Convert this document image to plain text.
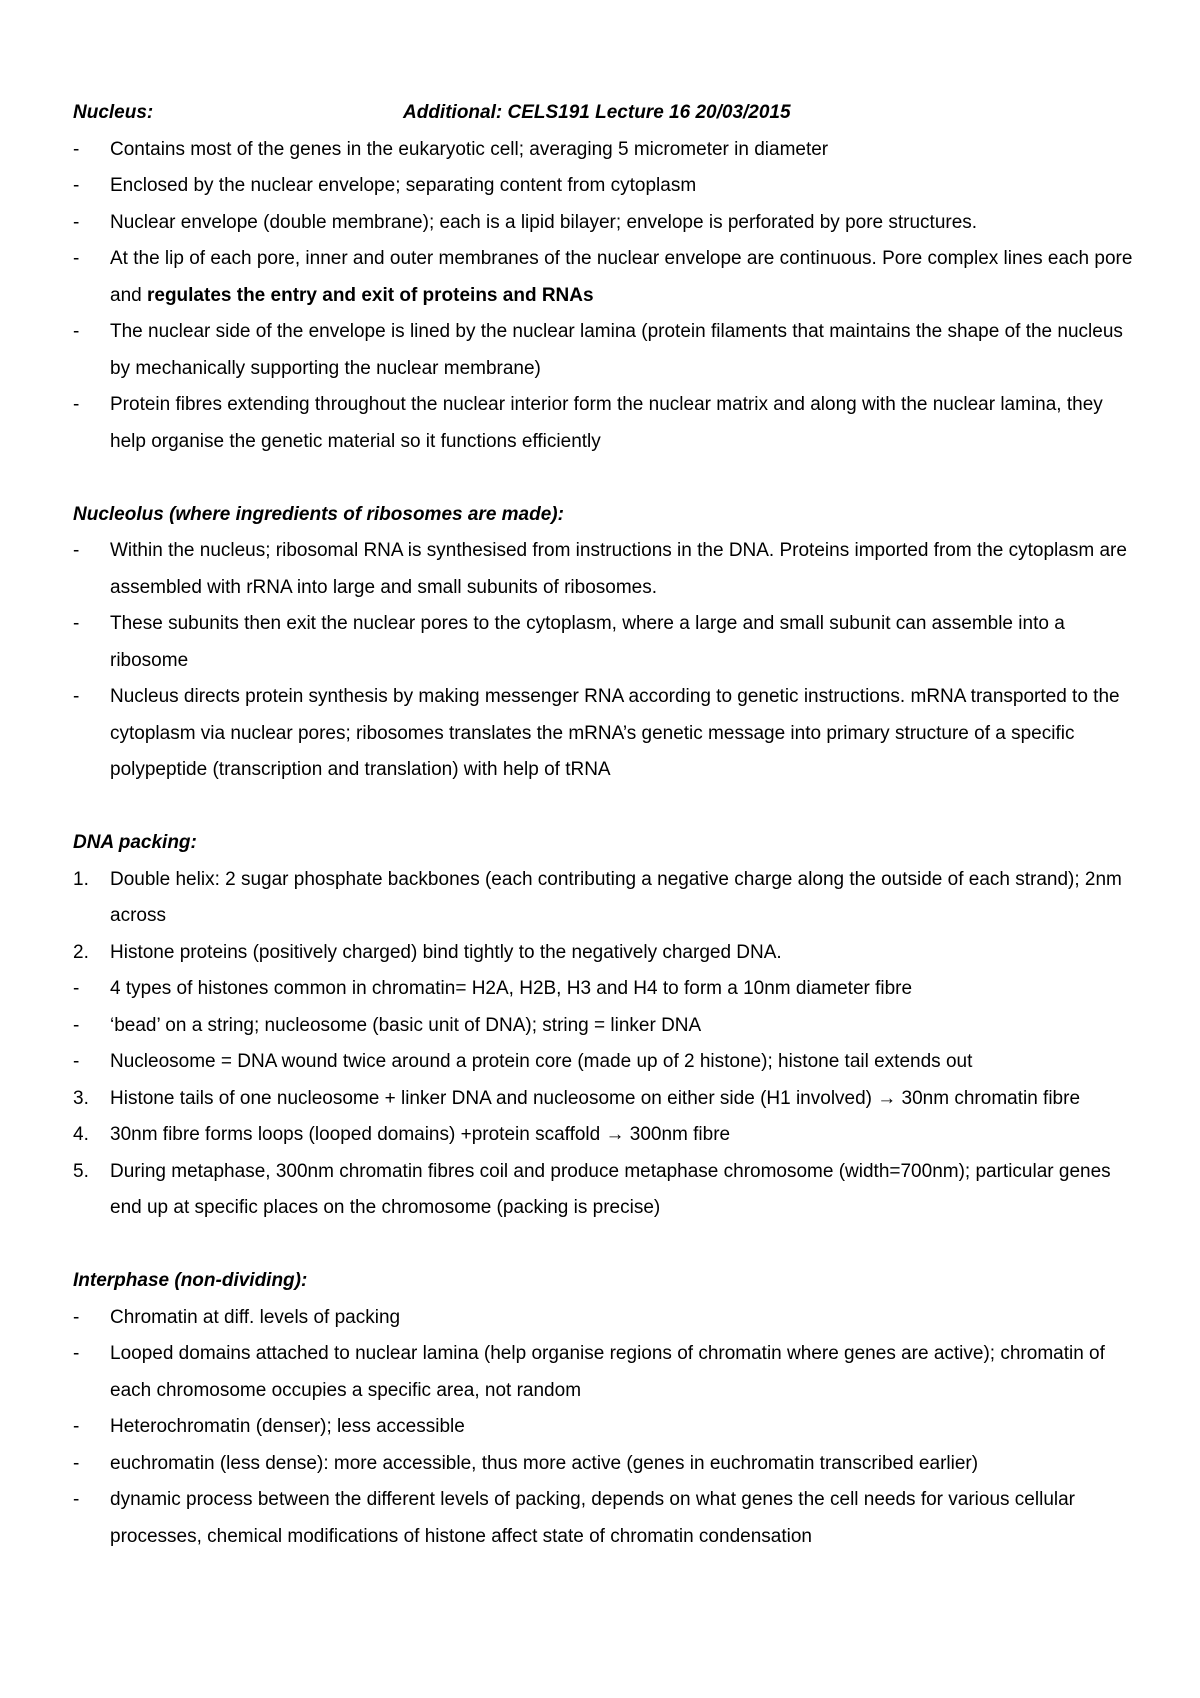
Nucleus:	Additional: CELS191 Lecture 16 20/03/2015
-	Contains most of the genes in the eukaryotic cell; averaging 5 micrometer in diameter
-	Enclosed by the nuclear envelope; separating content from cytoplasm
-	Nuclear envelope (double membrane); each is a lipid bilayer; envelope is perforated by pore structures.
-	At the lip of each pore, inner and outer membranes of the nuclear envelope are continuous. Pore complex lines each pore and regulates the entry and exit of proteins and RNAs
-	The nuclear side of the envelope is lined by the nuclear lamina (protein filaments that maintains the shape of the nucleus by mechanically supporting the nuclear membrane)
-	Protein fibres extending throughout the nuclear interior form the nuclear matrix and along with the nuclear lamina, they help organise the genetic material so it functions efficiently
Nucleolus (where ingredients of ribosomes are made):
-	Within the nucleus; ribosomal RNA is synthesised from instructions in the DNA. Proteins imported from the cytoplasm are assembled with rRNA into large and small subunits of ribosomes.
-	These subunits then exit the nuclear pores to the cytoplasm, where a large and small subunit can assemble into a ribosome
-	Nucleus directs protein synthesis by making messenger RNA according to genetic instructions. mRNA transported to the cytoplasm via nuclear pores; ribosomes translates the mRNA’s genetic message into primary structure of a specific polypeptide (transcription and translation) with help of tRNA
DNA packing:
1.	Double helix: 2 sugar phosphate backbones (each contributing a negative charge along the outside of each strand); 2nm across
2.	Histone proteins (positively charged) bind tightly to the negatively charged DNA.
-	4 types of histones common in chromatin= H2A, H2B, H3 and H4 to form a 10nm diameter fibre
-	‘bead’ on a string; nucleosome (basic unit of DNA); string = linker DNA
-	Nucleosome = DNA wound twice around a protein core (made up of 2 histone); histone tail extends out
3.	Histone tails of one nucleosome + linker DNA and nucleosome on either side (H1 involved) → 30nm chromatin fibre
4.	30nm fibre forms loops (looped domains) +protein scaffold → 300nm fibre
5.	During metaphase, 300nm chromatin fibres coil and produce metaphase chromosome (width=700nm); particular genes end up at specific places on the chromosome (packing is precise)
Interphase (non-dividing):
-	Chromatin at diff. levels of packing
-	Looped domains attached to nuclear lamina (help organise regions of chromatin where genes are active); chromatin of each chromosome occupies a specific area, not random
-	Heterochromatin (denser); less accessible
-	euchromatin (less dense): more accessible, thus more active (genes in euchromatin transcribed earlier)
-	dynamic process between the different levels of packing, depends on what genes the cell needs for various cellular processes, chemical modifications of histone affect state of chromatin condensation
